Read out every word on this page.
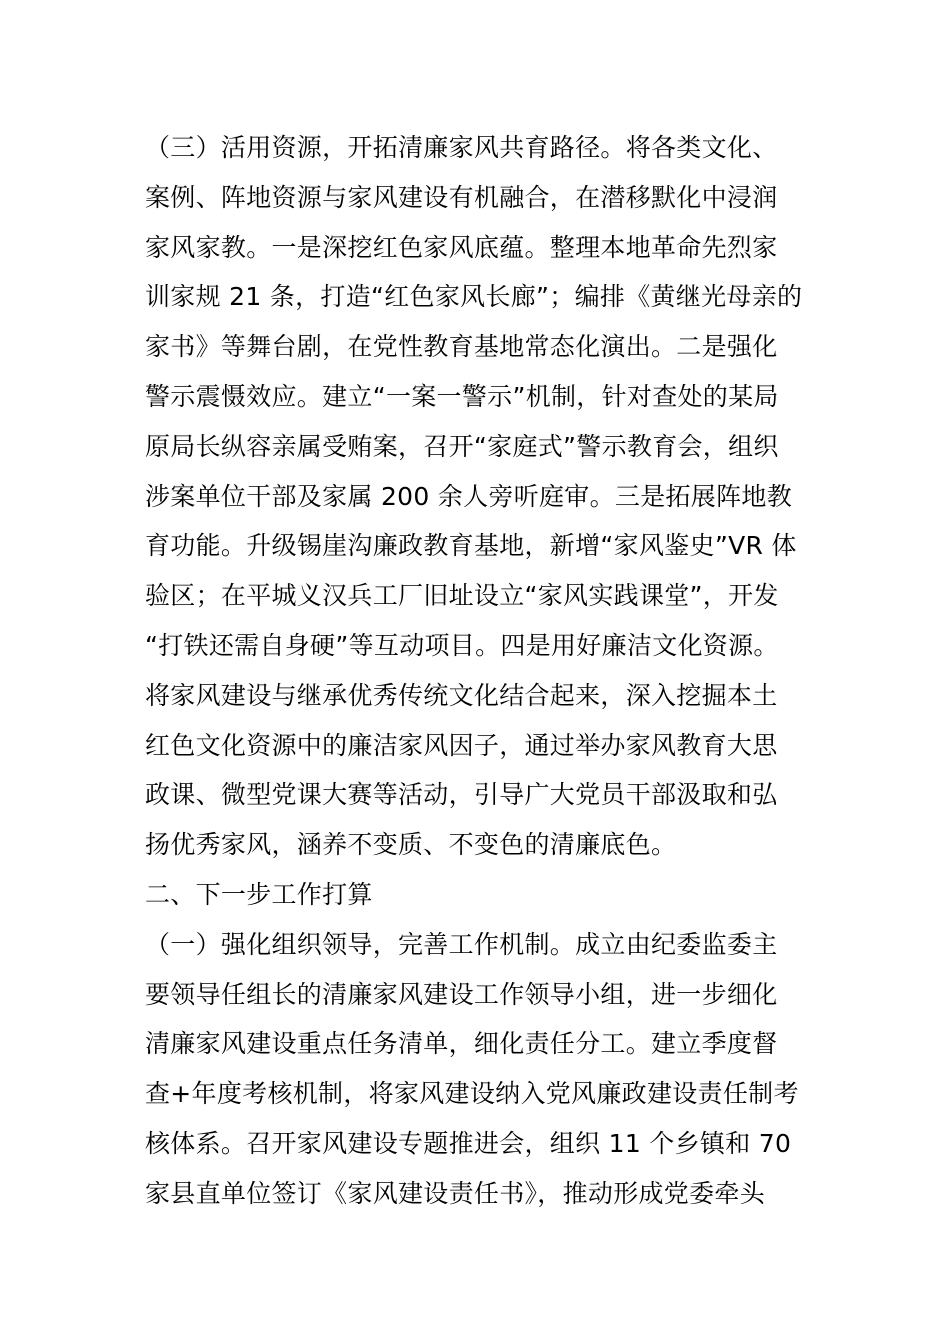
（三）活用资源，开拓清廉家风共育路径。将各类文化、
案例、阵地资源与家风建设有机融合，在潜移默化中浸润
家风家教。一是深挖红色家风底蕴。整理本地革命先烈家
训家规 21 条，打造“红色家风长廊”；编排《黄继光母亲的
家书》等舞台剧，在党性教育基地常态化演出。二是强化
警示震慑效应。建立“一案一警示”机制，针对查处的某局
原局长纵容亲属受贿案，召开“家庭式”警示教育会，组织
涉案单位干部及家属 200 余人旁听庭审。三是拓展阵地教
育功能。升级锡崖沟廉政教育基地，新增“家风鉴史”VR 体
验区；在平城义汉兵工厂旧址设立“家风实践课堂”，开发
“打铁还需自身硬”等互动项目。四是用好廉洁文化资源。
将家风建设与继承优秀传统文化结合起来，深入挖掘本土
红色文化资源中的廉洁家风因子，通过举办家风教育大思
政课、微型党课大赛等活动，引导广大党员干部汲取和弘
扬优秀家风，涵养不变质、不变色的清廉底色。
二、下一步工作打算
（一）强化组织领导，完善工作机制。成立由纪委监委主
要领导任组长的清廉家风建设工作领导小组，进一步细化
清廉家风建设重点任务清单，细化责任分工。建立季度督
查+年度考核机制，将家风建设纳入党风廉政建设责任制考
核体系。召开家风建设专题推进会，组织 11 个乡镇和 70
家县直单位签订《家风建设责任书》，推动形成党委牵头
